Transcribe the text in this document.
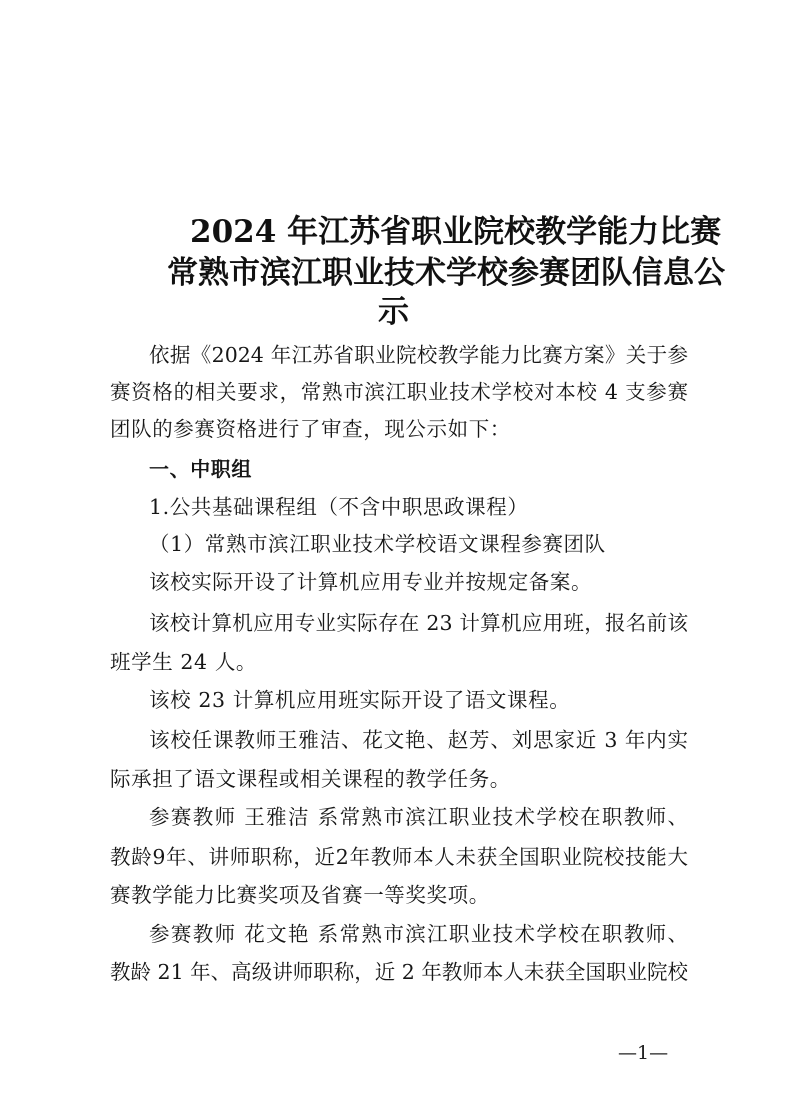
2024 年江苏省职业院校教学能力比赛
常熟市滨江职业技术学校参赛团队信息公
示
依据《2024 年江苏省职业院校教学能力比赛方案》关于参
赛资格的相关要求，常熟市滨江职业技术学校对本校 4 支参赛
团队的参赛资格进行了审查，现公示如下：
一、中职组
1.公共基础课程组（不含中职思政课程）
（1）常熟市滨江职业技术学校语文课程参赛团队
该校实际开设了计算机应用专业并按规定备案。
该校计算机应用专业实际存在 23 计算机应用班，报名前该
班学生 24 人。
该校 23 计算机应用班实际开设了语文课程。
该校任课教师王雅洁、花文艳、赵芳、刘思家近 3 年内实
际承担了语文课程或相关课程的教学任务。
参赛教师 王雅洁 系常熟市滨江职业技术学校在职教师、
教龄9年、讲师职称，近2年教师本人未获全国职业院校技能大
赛教学能力比赛奖项及省赛一等奖奖项。
参赛教师 花文艳 系常熟市滨江职业技术学校在职教师、
教龄 21 年、高级讲师职称，近 2 年教师本人未获全国职业院校
—1—
